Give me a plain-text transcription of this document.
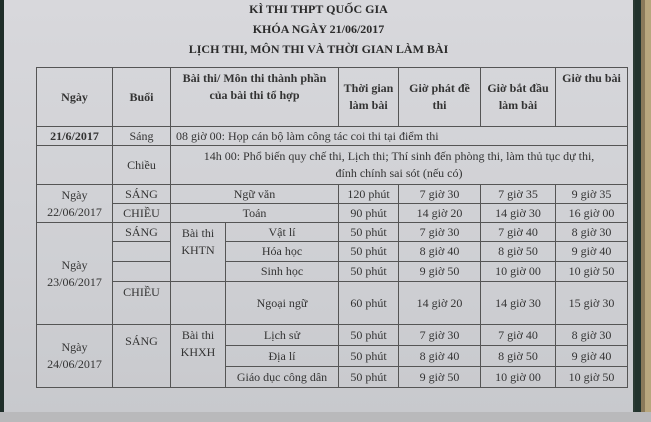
KÌ THI THPT QUỐC GIA
KHÓA NGÀY 21/06/2017
LỊCH THI, MÔN THI VÀ THỜI GIAN LÀM BÀI
Ngày	Buổi	Bài thi/ Môn thi thành phần của bài thi tổ hợp		Thời gian làm bài	Giờ phát đề thi	Giờ bắt đầu làm bài	Giờ thu bài
21/6/2017	Sáng	08 giờ 00: Họp cán bộ làm công tác coi thi tại điểm thi					
	Chiều	14h 00: Phổ biến quy chế thi, Lịch thi; Thí sinh đến phòng thi, làm thủ tục dự thi, đính chính sai sót (nếu có)					
Ngày
22/06/2017	SÁNG	Ngữ văn		120 phút	7 giờ 30	7 giờ 35	9 giờ 35
	CHIỀU	Toán		90 phút	14 giờ 20	14 giờ 30	16 giờ 00
Ngày
23/06/2017	SÁNG	Bài thi KHTN	Vật lí	50 phút	7 giờ 30	7 giờ 40	8 giờ 30
			Hóa học	50 phút	8 giờ 40	8 giờ 50	9 giờ 40
			Sinh học	50 phút	9 giờ 50	10 giờ 00	10 giờ 50
	CHIỀU		Ngoại ngữ	60 phút	14 giờ 20	14 giờ 30	15 giờ 30
Ngày
24/06/2017	SÁNG	Bài thi KHXH	Lịch sử	50 phút	7 giờ 30	7 giờ 40	8 giờ 30
			Địa lí	50 phút	8 giờ 40	8 giờ 50	9 giờ 40
			Giáo dục công dân	50 phút	9 giờ 50	10 giờ 00	10 giờ 50
